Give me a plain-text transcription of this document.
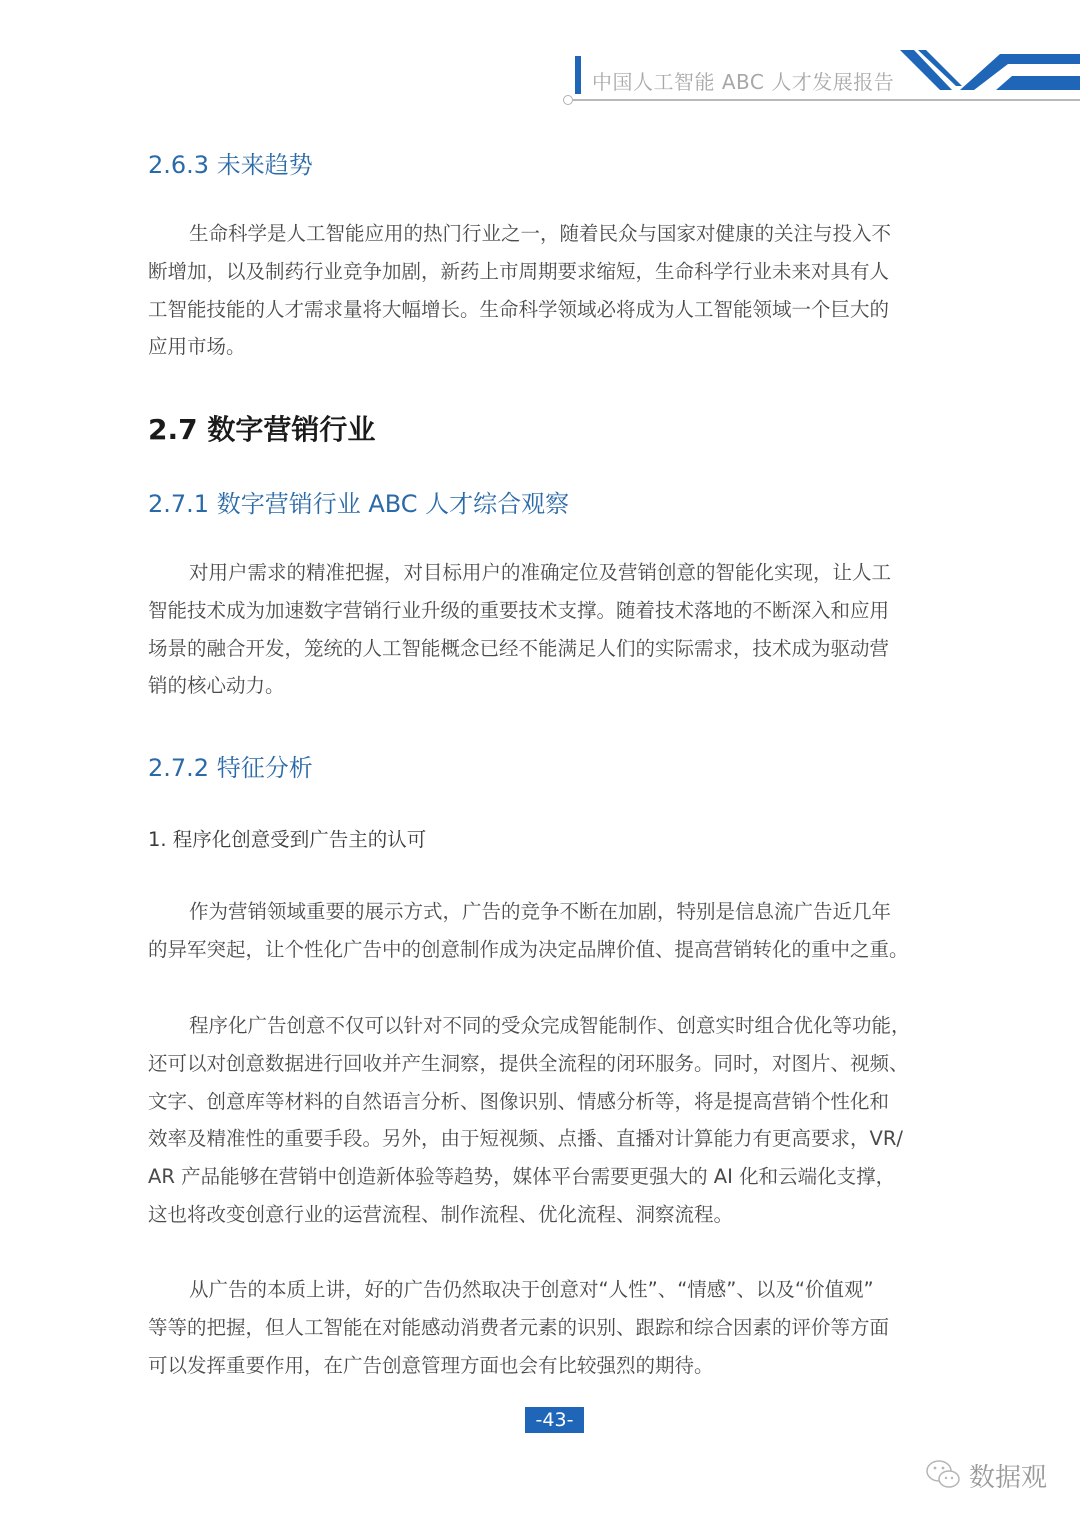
中国人工智能 ABC 人才发展报告
2.6.3 未来趋势
生命科学是人工智能应用的热门行业之一，随着民众与国家对健康的关注与投入不
断增加，以及制药行业竞争加剧，新药上市周期要求缩短，生命科学行业未来对具有人
工智能技能的人才需求量将大幅增长。生命科学领域必将成为人工智能领域一个巨大的
应用市场。
2.7 数字营销行业
2.7.1 数字营销行业 ABC 人才综合观察
对用户需求的精准把握，对目标用户的准确定位及营销创意的智能化实现，让人工
智能技术成为加速数字营销行业升级的重要技术支撑。随着技术落地的不断深入和应用
场景的融合开发，笼统的人工智能概念已经不能满足人们的实际需求，技术成为驱动营
销的核心动力。
2.7.2 特征分析
1. 程序化创意受到广告主的认可
作为营销领域重要的展示方式，广告的竞争不断在加剧，特别是信息流广告近几年
的异军突起，让个性化广告中的创意制作成为决定品牌价值、提高营销转化的重中之重。
程序化广告创意不仅可以针对不同的受众完成智能制作、创意实时组合优化等功能，
还可以对创意数据进行回收并产生洞察，提供全流程的闭环服务。同时，对图片、视频、
文字、创意库等材料的自然语言分析、图像识别、情感分析等，将是提高营销个性化和
效率及精准性的重要手段。另外，由于短视频、点播、直播对计算能力有更高要求，VR/
AR 产品能够在营销中创造新体验等趋势，媒体平台需要更强大的 AI 化和云端化支撑，
这也将改变创意行业的运营流程、制作流程、优化流程、洞察流程。
从广告的本质上讲，好的广告仍然取决于创意对“人性”、“情感”、以及“价值观”
等等的把握，但人工智能在对能感动消费者元素的识别、跟踪和综合因素的评价等方面
可以发挥重要作用，在广告创意管理方面也会有比较强烈的期待。
-43-
数据观
